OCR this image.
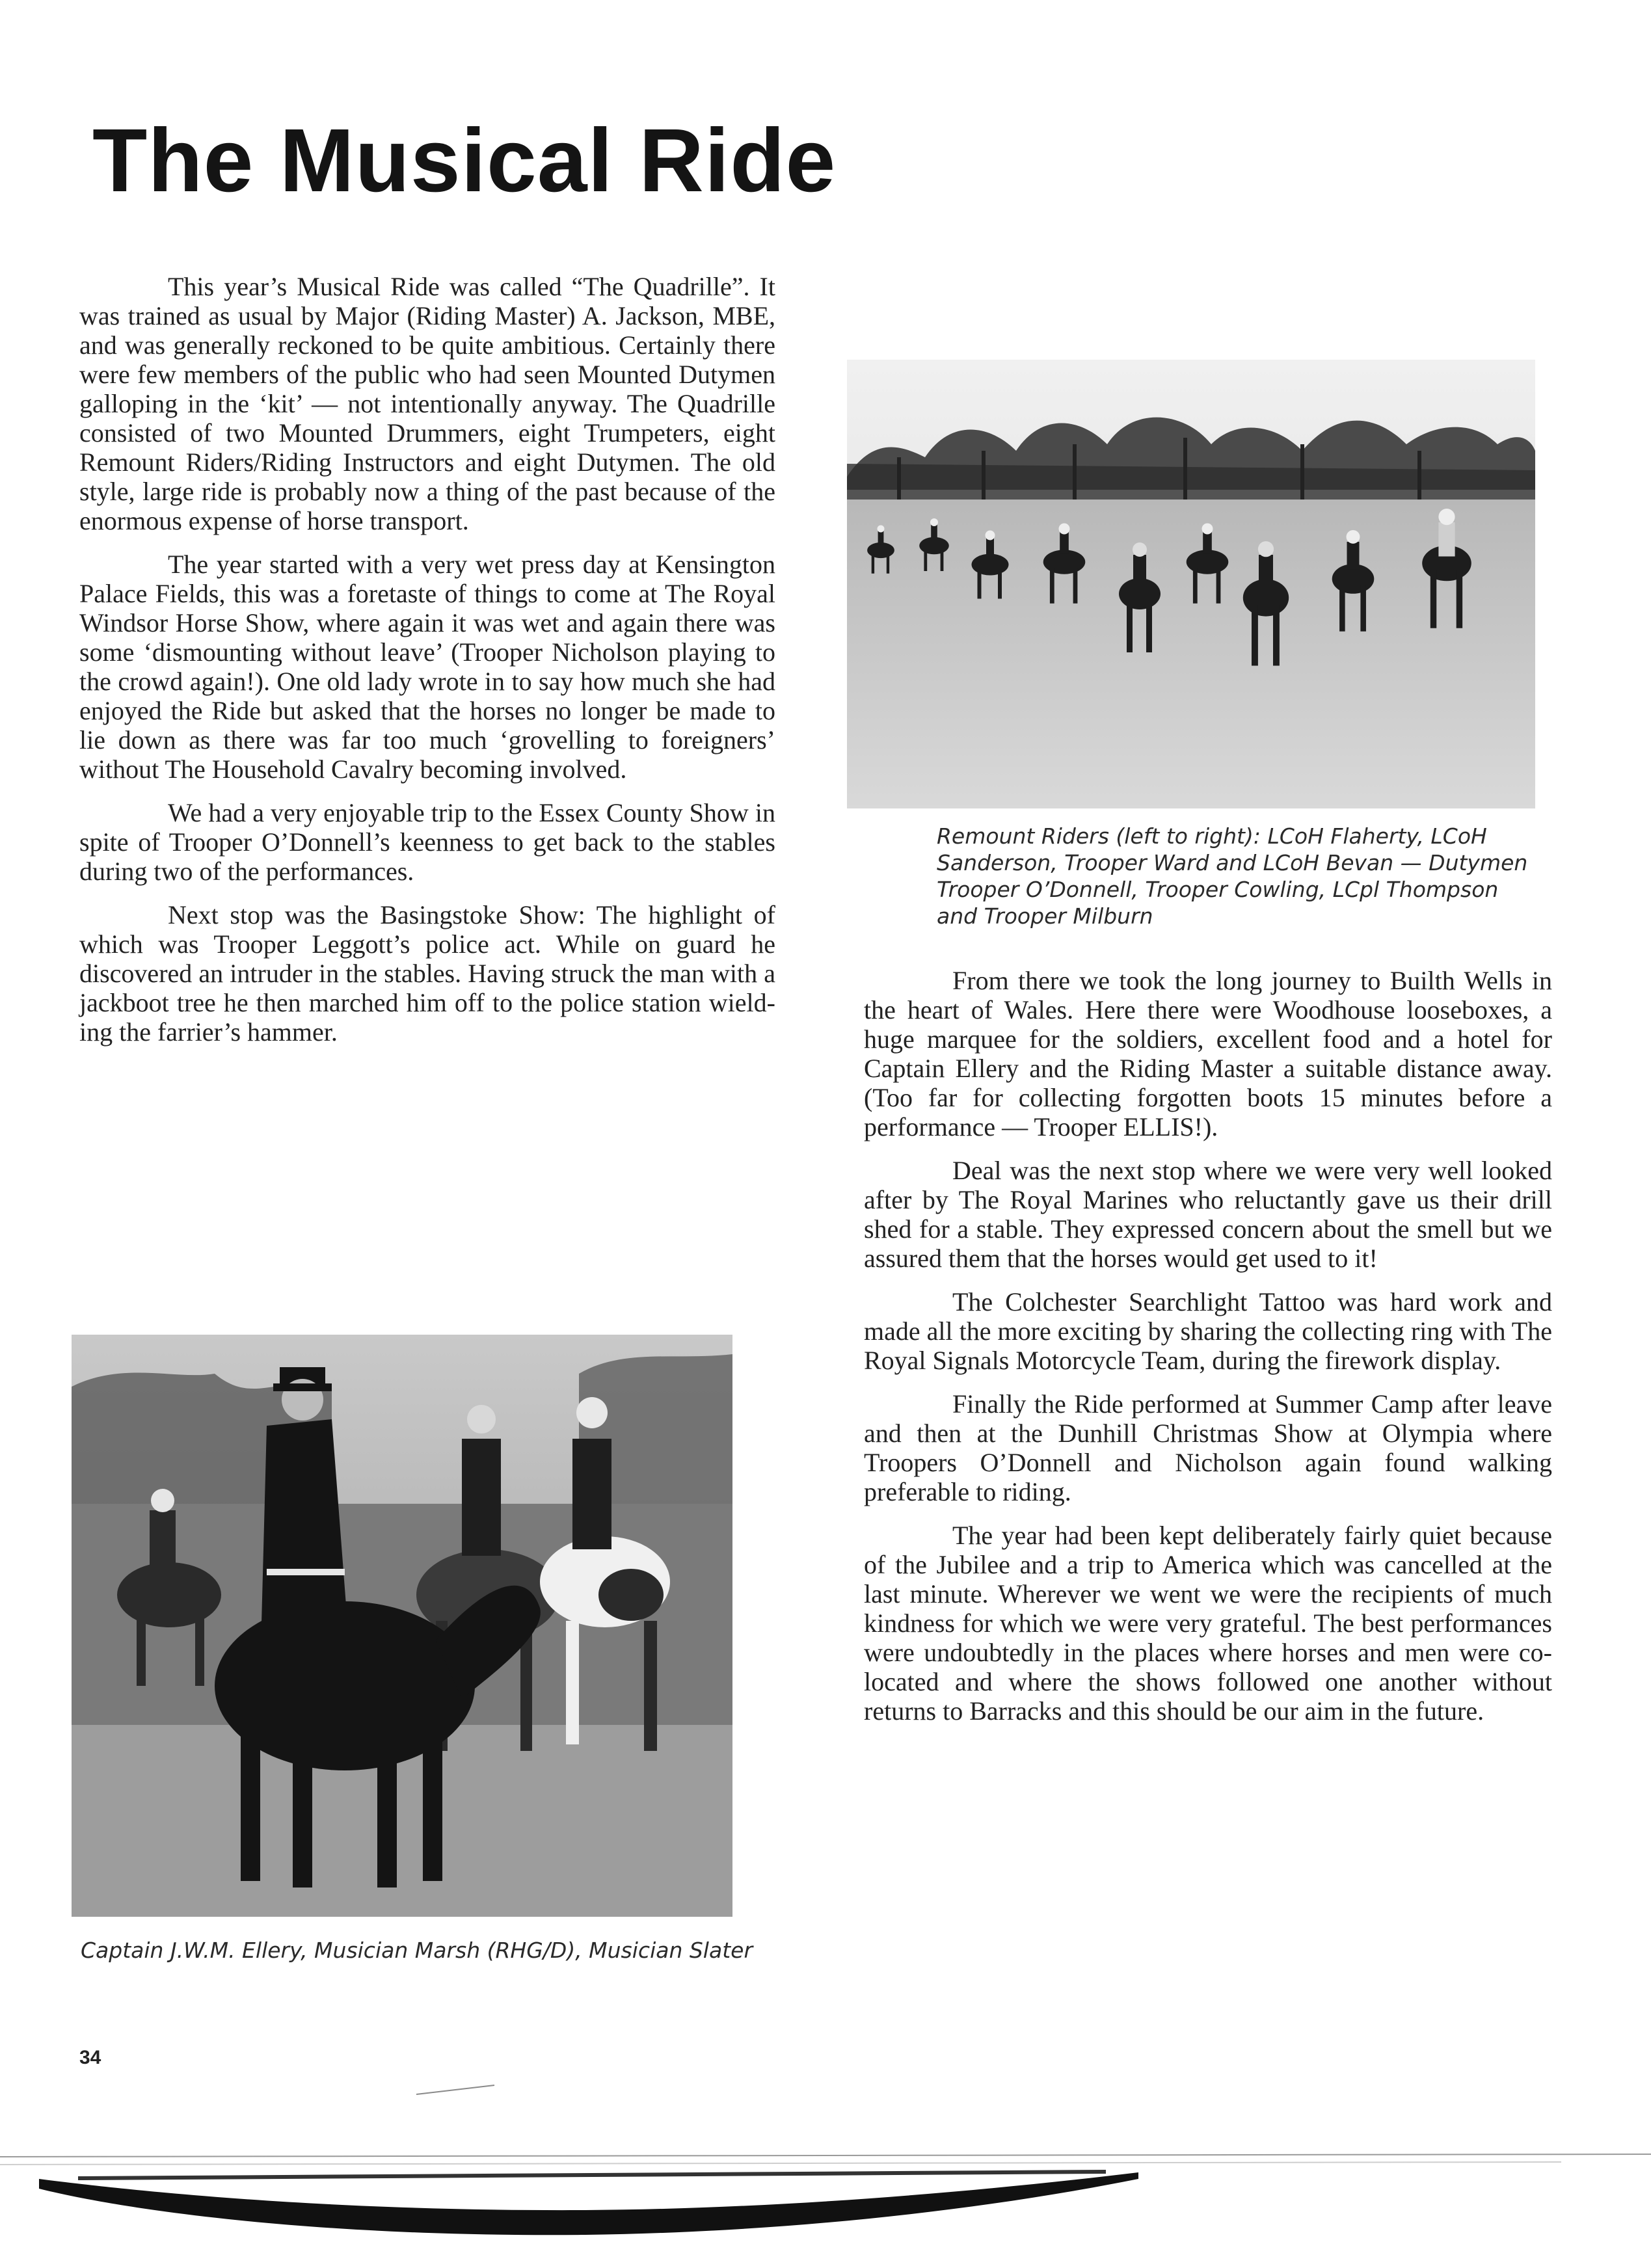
The Musical Ride

This year’s Musical Ride was called “The Quadrille”. It was trained as usual by Major (Riding Master) A. Jackson, MBE, and was generally reckoned to be quite ambitious. Certainly there were few members of the public who had seen Mounted Dutymen galloping in the ‘kit’ — not intentionally anyway. The Quadrille consisted of two Mounted Drummers, eight Trumpeters, eight Remount Riders/Riding Instructors and eight Dutymen. The old style, large ride is probably now a thing of the past because of the enormous expense of horse transport.

The year started with a very wet press day at Kensington Palace Fields, this was a foretaste of things to come at The Royal Windsor Horse Show, where again it was wet and again there was some ‘dismounting without leave’ (Trooper Nicholson playing to the crowd again!). One old lady wrote in to say how much she had enjoyed the Ride but asked that the horses no longer be made to lie down as there was far too much ‘grovelling to foreigners’ without The Household Cavalry becoming involved.

We had a very enjoyable trip to the Essex County Show in spite of Trooper O’Donnell’s keenness to get back to the stables during two of the performances.

Next stop was the Basingstoke Show: The highlight of which was Trooper Leggott’s police act. While on guard he discovered an intruder in the stables. Having struck the man with a jackboot tree he then marched him off to the police station wielding the farrier’s hammer.

Remount Riders (left to right): LCoH Flaherty, LCoH Sanderson, Trooper Ward and LCoH Bevan — Dutymen Trooper O’Donnell, Trooper Cowling, LCpl Thompson and Trooper Milburn

From there we took the long journey to Builth Wells in the heart of Wales. Here there were Woodhouse looseboxes, a huge marquee for the soldiers, excellent food and a hotel for Captain Ellery and the Riding Master a suitable distance away. (Too far for collecting forgotten boots 15 minutes before a performance — Trooper ELLIS!).

Deal was the next stop where we were very well looked after by The Royal Marines who reluctantly gave us their drill shed for a stable. They expressed concern about the smell but we assured them that the horses would get used to it!

The Colchester Searchlight Tattoo was hard work and made all the more exciting by sharing the collecting ring with The Royal Signals Motorcycle Team, during the firework display.

Finally the Ride performed at Summer Camp after leave and then at the Dunhill Christmas Show at Olympia where Troopers O’Donnell and Nicholson again found walking preferable to riding.

The year had been kept deliberately fairly quiet because of the Jubilee and a trip to America which was cancelled at the last minute. Wherever we went we were the recipients of much kindness for which we were very grateful. The best performances were undoubtedly in the places where horses and men were co-located and where the shows followed one another without returns to Barracks and this should be our aim in the future.

Captain J.W.M. Ellery, Musician Marsh (RHG/D), Musician Slater

34
